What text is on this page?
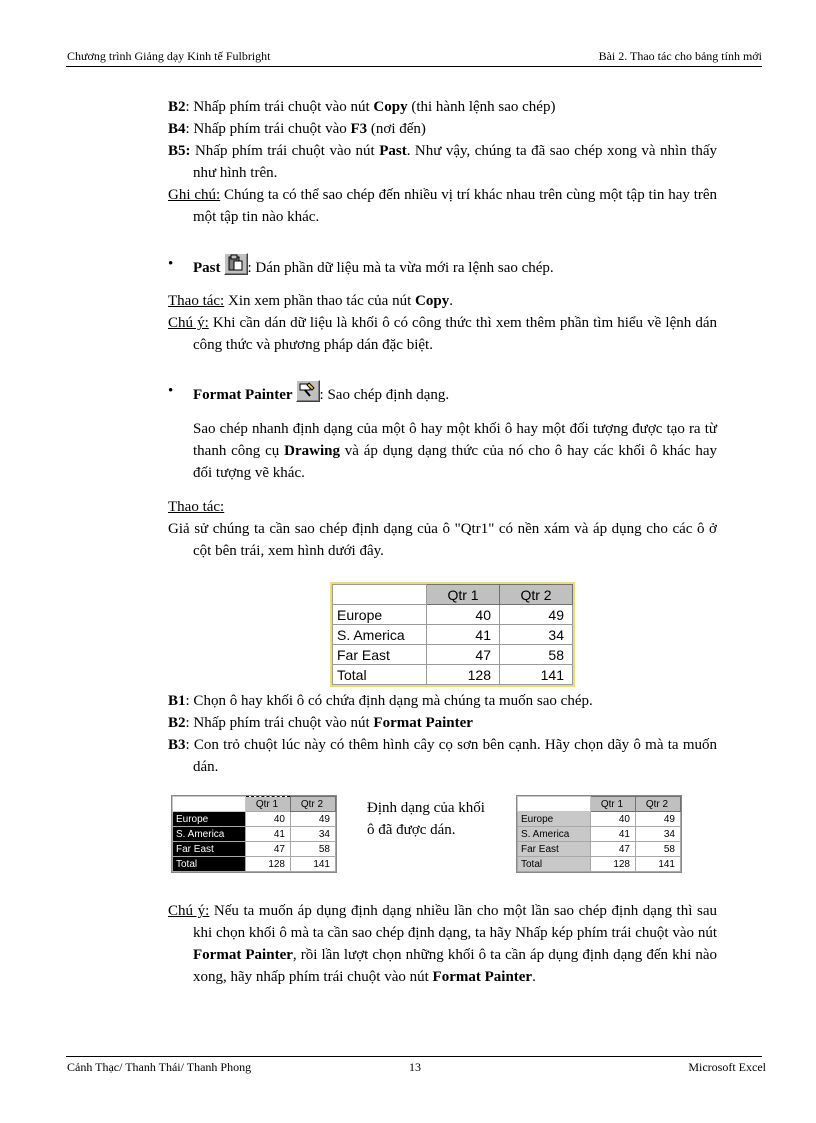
Chương trình Giảng dạy Kinh tế Fulbright	Bài 2. Thao tác cho bảng tính mới

B2: Nhấp phím trái chuột vào nút Copy (thi hành lệnh sao chép)

B4: Nhấp phím trái chuột vào F3 (nơi đến)

B5: Nhấp phím trái chuột vào nút Past. Như vậy, chúng ta đã sao chép xong và nhìn thấy như hình trên.

Ghi chú: Chúng ta có thể sao chép đến nhiều vị trí khác nhau trên cùng một tập tin hay trên một tập tin nào khác.

• Past : Dán phần dữ liệu mà ta vừa mới ra lệnh sao chép.

Thao tác: Xin xem phần thao tác của nút Copy.

Chú ý: Khi cần dán dữ liệu là khối ô có công thức thì xem thêm phần tìm hiểu về lệnh dán công thức và phương pháp dán đặc biệt.

• Format Painter : Sao chép định dạng.

Sao chép nhanh định dạng của một ô hay một khối ô hay một đối tượng được tạo ra từ thanh công cụ Drawing và áp dụng dạng thức của nó cho ô hay các khối ô khác hay đối tượng vẽ khác.

Thao tác:

Giả sử chúng ta cần sao chép định dạng của ô "Qtr1" có nền xám và áp dụng cho các ô ở cột bên trái, xem hình dưới đây.

	Qtr 1	Qtr 2
Europe	40	49
S. America	41	34
Far East	47	58
Total	128	141

B1: Chọn ô hay khối ô có chứa định dạng mà chúng ta muốn sao chép.

B2: Nhấp phím trái chuột vào nút Format Painter

B3: Con trỏ chuột lúc này có thêm hình cây cọ sơn bên cạnh. Hãy chọn dãy ô mà ta muốn dán.

	Qtr 1	Qtr 2
Europe	40	49
S. America	41	34
Far East	47	58
Total	128	141
Định dạng của khối ô đã được dán.
	Qtr 1	Qtr 2
Europe	40	49
S. America	41	34
Far East	47	58
Total	128	141

Chú ý: Nếu ta muốn áp dụng định dạng nhiều lần cho một lần sao chép định dạng thì sau khi chọn khối ô mà ta cần sao chép định dạng, ta hãy Nhấp kép phím trái chuột vào nút Format Painter, rồi lần lượt chọn những khối ô ta cần áp dụng định dạng đến khi nào xong, hãy nhấp phím trái chuột vào nút Format Painter.

Cảnh Thạc/ Thanh Thái/ Thanh Phong	13	Microsoft Excel
